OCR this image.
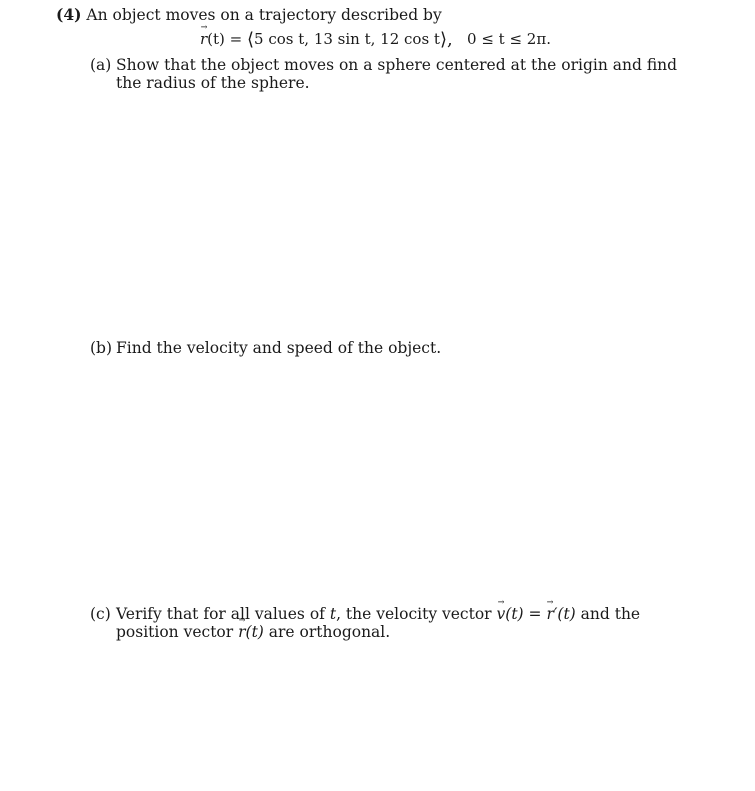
(4) An object moves on a trajectory described by
r →(t) = ⟨5 cos t, 13 sin t, 12 cos t⟩, 0 ≤ t ≤ 2π.
(a) Show that the object moves on a sphere centered at the origin and find the radius of the sphere.
(b) Find the velocity and speed of the object.
(c) Verify that for all values of t, the velocity vector v →(t) = r →′(t) and the position vector r →(t) are orthogonal.
